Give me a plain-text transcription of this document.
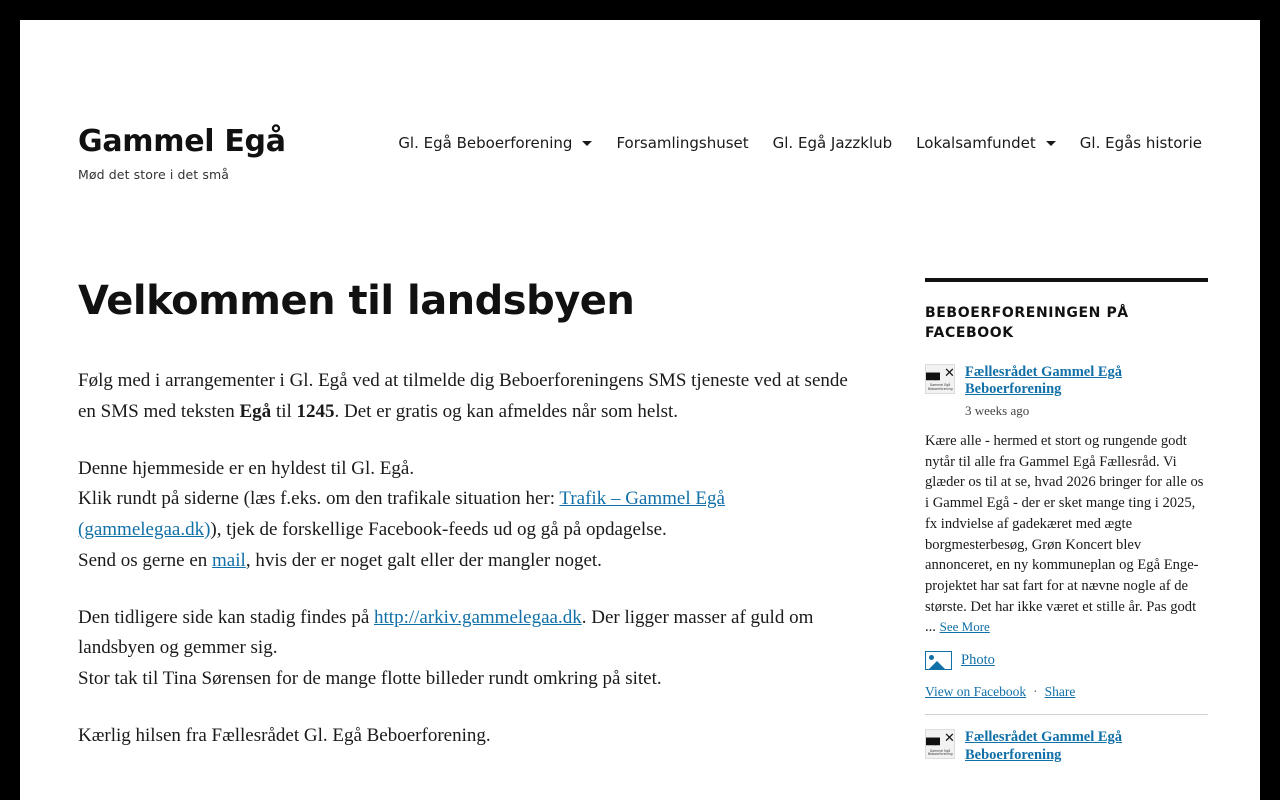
Gammel Egå
Mød det store i det små
Gl. Egå Beboerforening	Forsamlingshuset Gl. Egå Jazzklub Lokalsamfundet	Gl. Egås historie
Velkommen til landsbyen

Følg med i arrangementer i Gl. Egå ved at tilmelde dig Beboerforeningens SMS tjeneste ved at sende en SMS med teksten Egå til 1245. Det er gratis og kan afmeldes når som helst.

Denne hjemmeside er en hyldest til Gl. Egå.
Klik rundt på siderne (læs f.eks. om den trafikale situation her: Trafik – Gammel Egå (gammelegaa.dk)), tjek de forskellige Facebook-feeds ud og gå på opdagelse.
Send os gerne en mail, hvis der er noget galt eller der mangler noget.

Den tidligere side kan stadig findes på http://arkiv.gammelegaa.dk. Der ligger masser af guld om landsbyen og gemmer sig.
Stor tak til Tina Sørensen for de mange flotte billeder rundt omkring på sitet.

Kærlig hilsen fra Fællesrådet Gl. Egå Beboerforening.

BEBOERFORENINGEN PÅ FACEBOOK
▄▖✕
Gammel Egå
Beboerforening
Fællesrådet Gammel Egå Beboerforening
3 weeks ago
Kære alle - hermed et stort og rungende godt nytår til alle fra Gammel Egå Fællesråd. Vi glæder os til at se, hvad 2026 bringer for alle os i Gammel Egå - der er sket mange ting i 2025, fx indvielse af gadekæret med ægte borgmesterbesøg, Grøn Koncert blev annonceret, en ny kommuneplan og Egå Enge-projektet har sat fart for at nævne nogle af de største. Det har ikke været et stille år. Pas godt ... See More
Photo
View on Facebook · Share
▄▖✕
Gammel Egå
Beboerforening
Fællesrådet Gammel Egå Beboerforening
